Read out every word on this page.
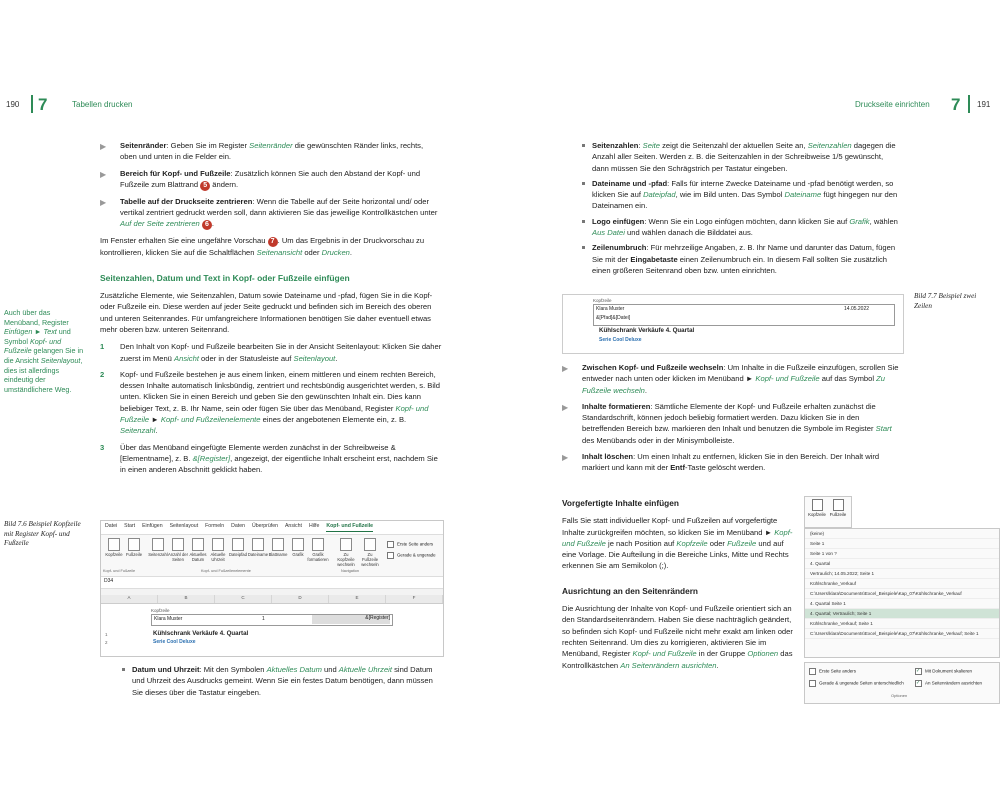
190 7	Tabellen drucken	Druckseite einrichten 7 191
▶ Seitenränder: Geben Sie im Register Seitenränder die gewünschten Ränder links, rechts, oben und unten in die Felder ein.
▶ Bereich für Kopf- und Fußzeile: Zusätzlich können Sie auch den Abstand der Kopf- und Fußzeile zum Blattrand 5 ändern.
▶ Tabelle auf der Druckseite zentrieren: Wenn die Tabelle auf der Seite horizontal und/ oder vertikal zentriert gedruckt werden soll, dann aktivieren Sie das jeweilige Kontrollkästchen unter Auf der Seite zentrieren 6 .
Im Fenster erhalten Sie eine ungefähre Vorschau 7 . Um das Ergebnis in der Druckvorschau zu kontrollieren, klicken Sie auf die Schaltflächen Seitenansicht oder Drucken.
Seitenzahlen, Datum und Text in Kopf- oder Fußzeile einfügen
Zusätzliche Elemente, wie Seitenzahlen, Datum sowie Dateiname und -pfad, fügen Sie in die Kopf- oder Fußzeile ein. Diese werden auf jeder Seite gedruckt und befinden sich im Bereich des oberen und unteren Seitenrandes. Für umfangreichere Informationen benötigen Sie daher eventuell etwas mehr oberen bzw. unteren Seitenrand.
1 Den Inhalt von Kopf- und Fußzeile bearbeiten Sie in der Ansicht Seitenlayout: Klicken Sie daher zuerst im Menü Ansicht oder in der Statusleiste auf Seitenlayout.
2 Kopf- und Fußzeile bestehen je aus einem linken, einem mittleren und einem rechten Bereich, dessen Inhalte automatisch linksbündig, zentriert und rechtsbündig ausgerichtet werden, s. Bild unten. Klicken Sie in einen Bereich und geben Sie den gewünschten Inhalt ein. Dies kann beliebiger Text, z. B. Ihr Name, sein oder fügen Sie über das Menüband, Register Kopf- und Fußzeile ► Kopf- und Fußzeilenelemente eines der angebotenen Elemente ein, z. B. Seitenzahl.
3 Über das Menüband eingefügte Elemente werden zunächst in der Schreibweise &[Elementname], z. B. &[Register], angezeigt, der eigentliche Inhalt erscheint erst, nachdem Sie in einen anderen Abschnitt geklickt haben.
Auch über das Menüband, Register Einfügen ► Text und Symbol Kopf- und Fußzeile gelangen Sie in die Ansicht Seitenlayout, dies ist allerdings eindeutig der umständlichere Weg.
Bild 7.6 Beispiel Kopfzeile mit Register Kopf- und Fußzeile
Datei Start Einfügen Seitenlayout Formeln Daten Überprüfen Ansicht Hilfe Kopf- und Fußzeile
Kopfzeile Fußzeile	Seitenzahl Anzahl der Seiten
Aktuelles Datum
Aktuelle Uhrzeit
Dateipfad Dateiname Blattname	Grafik	Grafik formatieren
Zu Kopfzeile wechseln
Zu Fußzeile wechseln
Erste Seite anders
Gerade & ungerade
Kopf- und Fußzeile	Kopf- und Fußzeilenelemente	Navigation
D34
A	B	C	D	E	F
Kopfzeile
Klara Muster	1	&[Register]
1
2
Kühlschrank Verkäufe 4. Quartal
Serie Cool Deluxe
Datum und Uhrzeit: Mit den Symbolen Aktuelles Datum und Aktuelle Uhrzeit sind Datum und Uhrzeit des Ausdrucks gemeint. Wenn Sie ein festes Datum benötigen, dann müssen Sie dieses über die Tastatur eingeben.
Seitenzahlen: Seite zeigt die Seitenzahl der aktuellen Seite an, Seitenzahlen dagegen die Anzahl aller Seiten. Werden z. B. die Seitenzahlen in der Schreibweise 1/5 gewünscht, dann müssen Sie den Schrägstrich per Tastatur eingeben.
Dateiname und -pfad: Falls für interne Zwecke Dateiname und -pfad benötigt werden, so klicken Sie auf Dateipfad, wie im Bild unten. Das Symbol Dateiname fügt hingegen nur den Dateinamen ein.
Logo einfügen: Wenn Sie ein Logo einfügen möchten, dann klicken Sie auf Grafik, wählen Aus Datei und wählen danach die Bilddatei aus.
Zeilenumbruch: Für mehrzeilige Angaben, z. B. Ihr Name und darunter das Datum, fügen Sie mit der Eingabetaste einen Zeilenumbruch ein. In diesem Fall sollten Sie zusätzlich einen größeren Seitenrand oben bzw. unten einrichten.
Kopfzeile
Klara Muster
&[Pfad]&[Datei]
14.05.2022
Kühlschrank Verkäufe 4. Quartal
Serie Cool Deluxe
Bild 7.7 Beispiel zwei Zeilen
▶ Zwischen Kopf- und Fußzeile wechseln: Um Inhalte in die Fußzeile einzufügen, scrollen Sie entweder nach unten oder klicken im Menüband ► Kopf- und Fußzeile auf das Symbol Zu Fußzeile wechseln.
▶ Inhalte formatieren: Sämtliche Elemente der Kopf- und Fußzeile erhalten zunächst die Standardschrift, können jedoch beliebig formatiert werden. Dazu klicken Sie in den betreffenden Bereich bzw. markieren den Inhalt und benutzen die Symbole im Register Start des Menübands oder in der Minisymbolleiste.
▶ Inhalt löschen: Um einen Inhalt zu entfernen, klicken Sie in den Bereich. Der Inhalt wird markiert und kann mit der Entf-Taste gelöscht werden.
Vorgefertigte Inhalte einfügen
Falls Sie statt individueller Kopf- und Fußzeilen auf vorgefertigte Inhalte zurückgreifen möchten, so klicken Sie im Menüband ► Kopf- und Fußzeile je nach Position auf Kopfzeile oder Fußzeile und auf eine Vorlage. Die Aufteilung in die Bereiche Links, Mitte und Rechts erkennen Sie am Semikolon (;).
Ausrichtung an den Seitenrändern
Die Ausrichtung der Inhalte von Kopf- und Fußzeile orientiert sich an den Standardseitenrändern. Haben Sie diese nachträglich geändert, so befinden sich Kopf- und Fußzeile nicht mehr exakt am linken oder rechten Seitenrand. Um dies zu korrigieren, aktivieren Sie im Menüband, Register Kopf- und Fußzeile in der Gruppe Optionen das Kontrollkästchen An Seitenrändern ausrichten.
Kopfzeile Fußzeile
(keine)
Seite 1
Seite 1 von ?
4. Quartal
Vertraulich; 14.05.2022; Seite 1
Kühlschranke_Verkauf
C:\Users\klara\Documents\Excel_Beispiele\Kap_07\Kühlschranke_Verkauf
4. Quartal Seite 1
4. Quartal; Vertraulich; Seite 1
Kühlschranke_Verkauf; Seite 1
C:\Users\klara\Documents\Excel_Beispiele\Kap_07\Kühlschranke_Verkauf; Seite 1
Erste Seite anders ✓	Mit Dokument skalieren
Gerade & ungerade Seiten unterschiedlich ✓	An Seitenrändern ausrichten
Optionen
